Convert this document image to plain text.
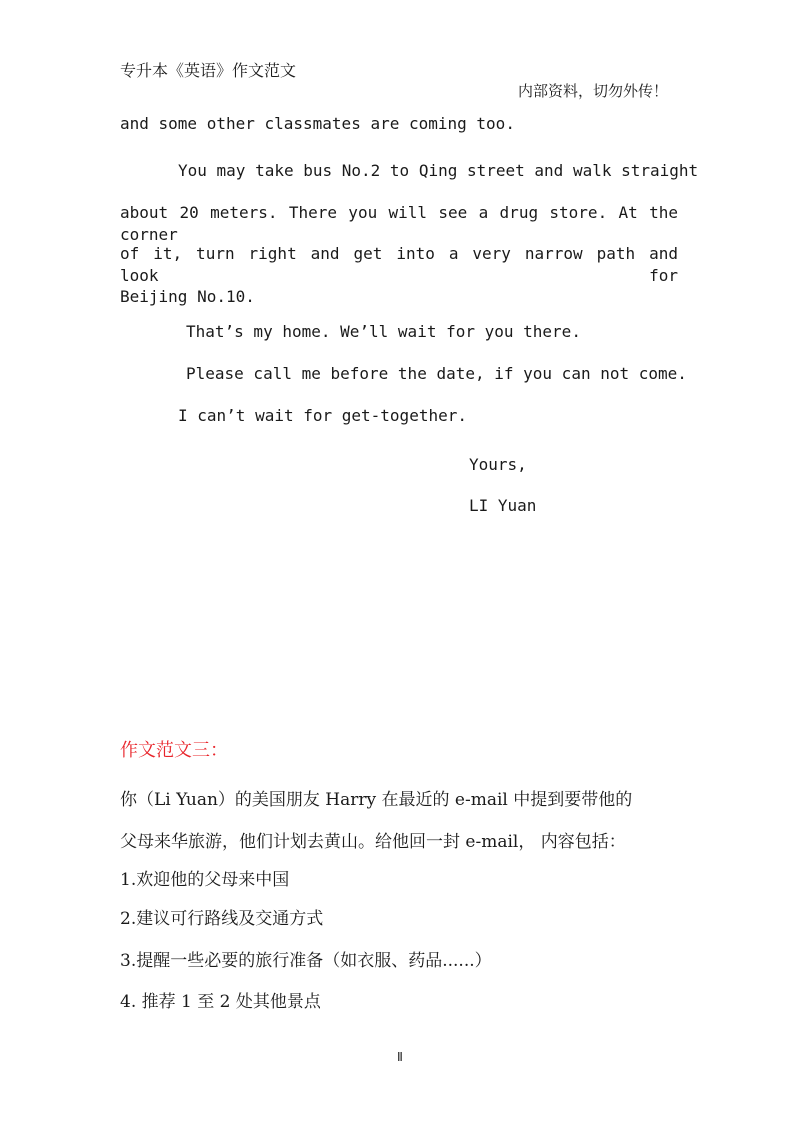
专升本《英语》作文范文
内部资料，切勿外传！
and some other classmates are coming too.
You may take bus No.2 to Qing street and walk straight
about 20 meters. There you will see a drug store. At the corner
of it, turn right and get into a very narrow path and look for
Beijing No.10.
That’s my home. We’ll wait for you there.
Please call me before the date, if you can not come.
I can’t wait for get-together.
Yours,
LI Yuan
作文范文三：
你（Li Yuan）的美国朋友 Harry 在最近的 e-mail 中提到要带他的
父母来华旅游，他们计划去黄山。给他回一封 e-mail， 内容包括：
1.欢迎他的父母来中国
2.建议可行路线及交通方式
3.提醒一些必要的旅行准备（如衣服、药品......）
4. 推荐 1 至 2 处其他景点
Ⅱ
